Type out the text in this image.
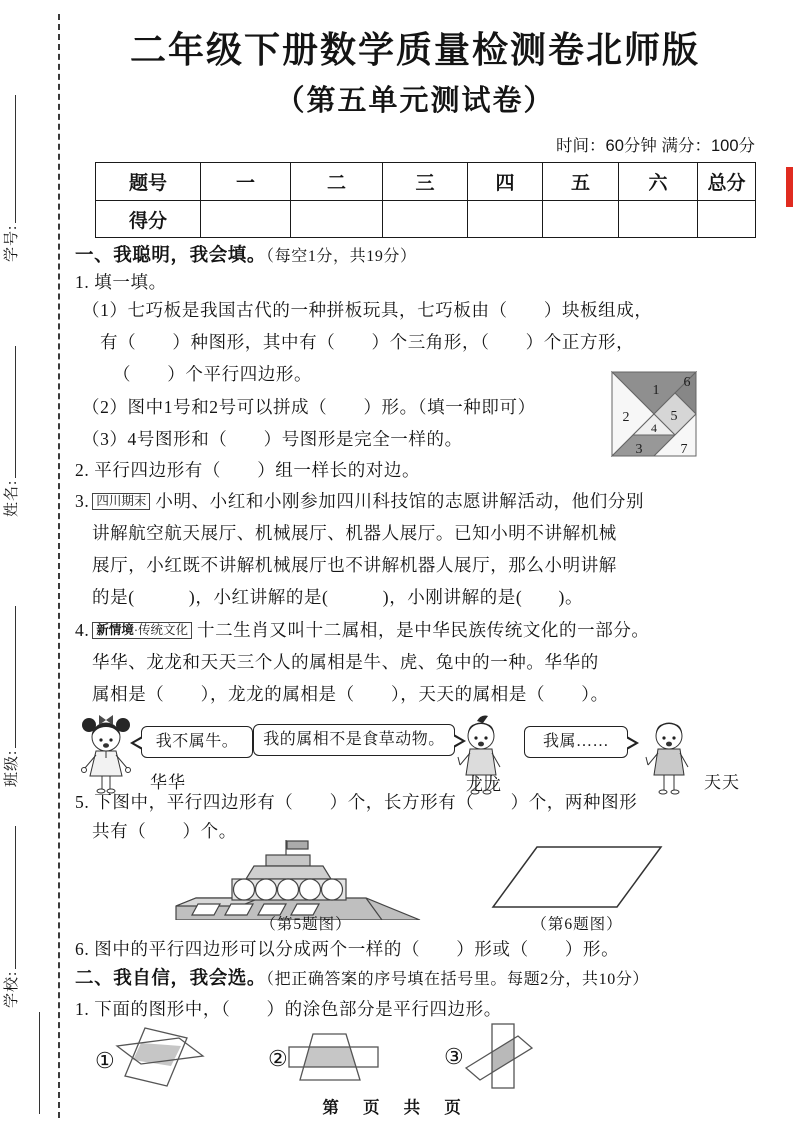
学号:
姓名:
班级:
学校:
二年级下册数学质量检测卷北师版
（第五单元测试卷）
时间：60分钟 满分：100分
题号	一	二	三	四	五	六	总分
得分							
一、我聪明，我会填。（每空1分，共19分）
1. 填一填。
（1）七巧板是我国古代的一种拼板玩具，七巧板由（　　）块板组成，
有（　　）种图形，其中有（　　）个三角形，（　　）个正方形，
（　　）个平行四边形。
（2）图中1号和2号可以拼成（　　）形。（填一种即可）
（3）4号图形和（　　）号图形是完全一样的。
1
2
3
4
5
6
7
2. 平行四边形有（　　）组一样长的对边。
3. 四川期末 小明、小红和小刚参加四川科技馆的志愿讲解活动，他们分别
讲解航空航天展厅、机械展厅、机器人展厅。已知小明不讲解机械
展厅，小红既不讲解机械展厅也不讲解机器人展厅，那么小明讲解
的是(　　　)，小红讲解的是(　　　)，小刚讲解的是(　　)。
4. 新情境·传统文化 十二生肖又叫十二属相，是中华民族传统文化的一部分。
华华、龙龙和天天三个人的属相是牛、虎、兔中的一种。华华的
属相是（　　），龙龙的属相是（　　），天天的属相是（　　）。
我不属牛。	我的属相不是食草动物。	我属……
华华	龙龙	天天
5. 下图中，平行四边形有（　　）个，长方形有（　　）个，两种图形
共有（　　）个。
（第5题图）	（第6题图）
6. 图中的平行四边形可以分成两个一样的（　　）形或（　　）形。
二、我自信，我会选。（把正确答案的序号填在括号里。每题2分，共10分）
1. 下面的图形中，（　　）的涂色部分是平行四边形。
①	②	③
第 页 共 页
